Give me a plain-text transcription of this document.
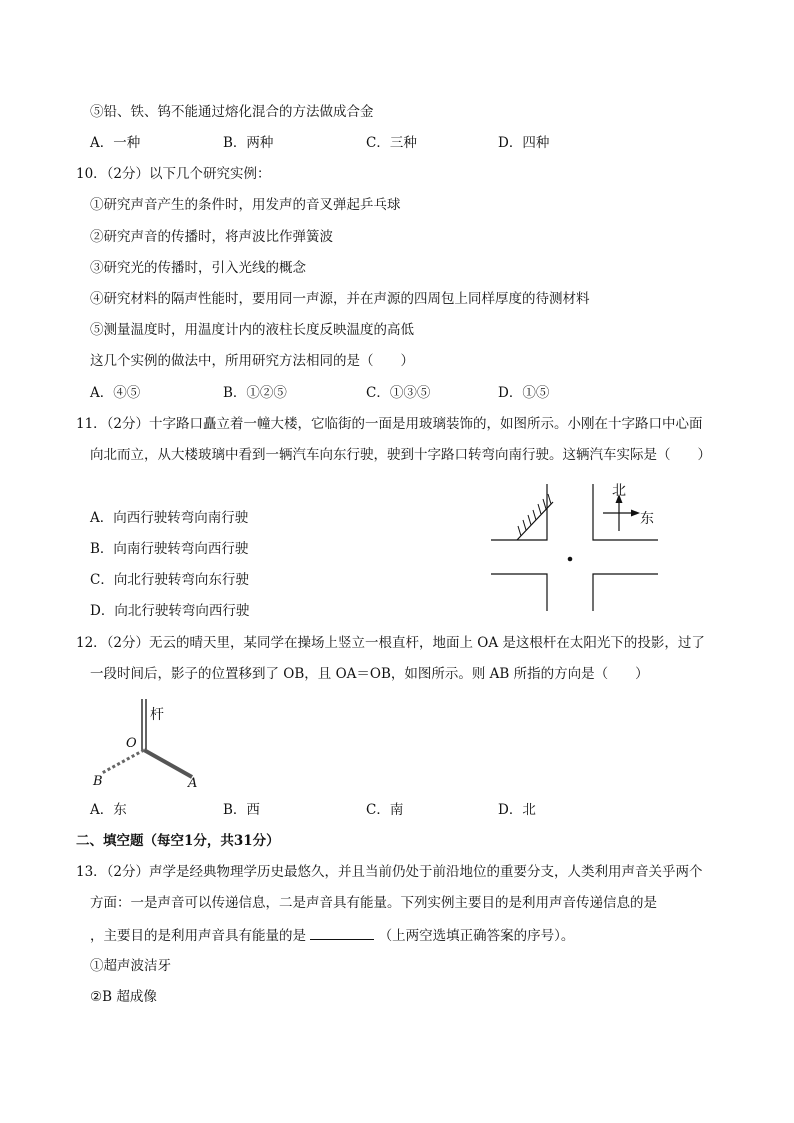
⑤铅、铁、钨不能通过熔化混合的方法做成合金
A．一种	B．两种	C．三种	D．四种
10．（2分）以下几个研究实例：
①研究声音产生的条件时，用发声的音叉弹起乒乓球
②研究声音的传播时，将声波比作弹簧波
③研究光的传播时，引入光线的概念
④研究材料的隔声性能时，要用同一声源，并在声源的四周包上同样厚度的待测材料
⑤测量温度时，用温度计内的液柱长度反映温度的高低
这几个实例的做法中，所用研究方法相同的是（　　）
A．④⑤	B．①②⑤	C．①③⑤	D．①⑤
11．（2分）十字路口矗立着一幢大楼，它临街的一面是用玻璃装饰的，如图所示。小刚在十字路口中心面
向北而立，从大楼玻璃中看到一辆汽车向东行驶，驶到十字路口转弯向南行驶。这辆汽车实际是（　　）
A．向西行驶转弯向南行驶
B．向南行驶转弯向西行驶
C．向北行驶转弯向东行驶
D．向北行驶转弯向西行驶
北
东
12．（2分）无云的晴天里，某同学在操场上竖立一根直杆，地面上 OA 是这根杆在太阳光下的投影，过了
一段时间后，影子的位置移到了 OB，且 OA＝OB，如图所示。则 AB 所指的方向是（　　）
杆
O
A
B
A．东	B．西	C．南	D．北
二、填空题（每空1分，共31分）
13．（2分）声学是经典物理学历史最悠久，并且当前仍处于前沿地位的重要分支，人类利用声音关乎两个
方面：一是声音可以传递信息，二是声音具有能量。下列实例主要目的是利用声音传递信息的是
，主要目的是利用声音具有能量的是	（上两空选填正确答案的序号）。
①超声波洁牙
②B 超成像
